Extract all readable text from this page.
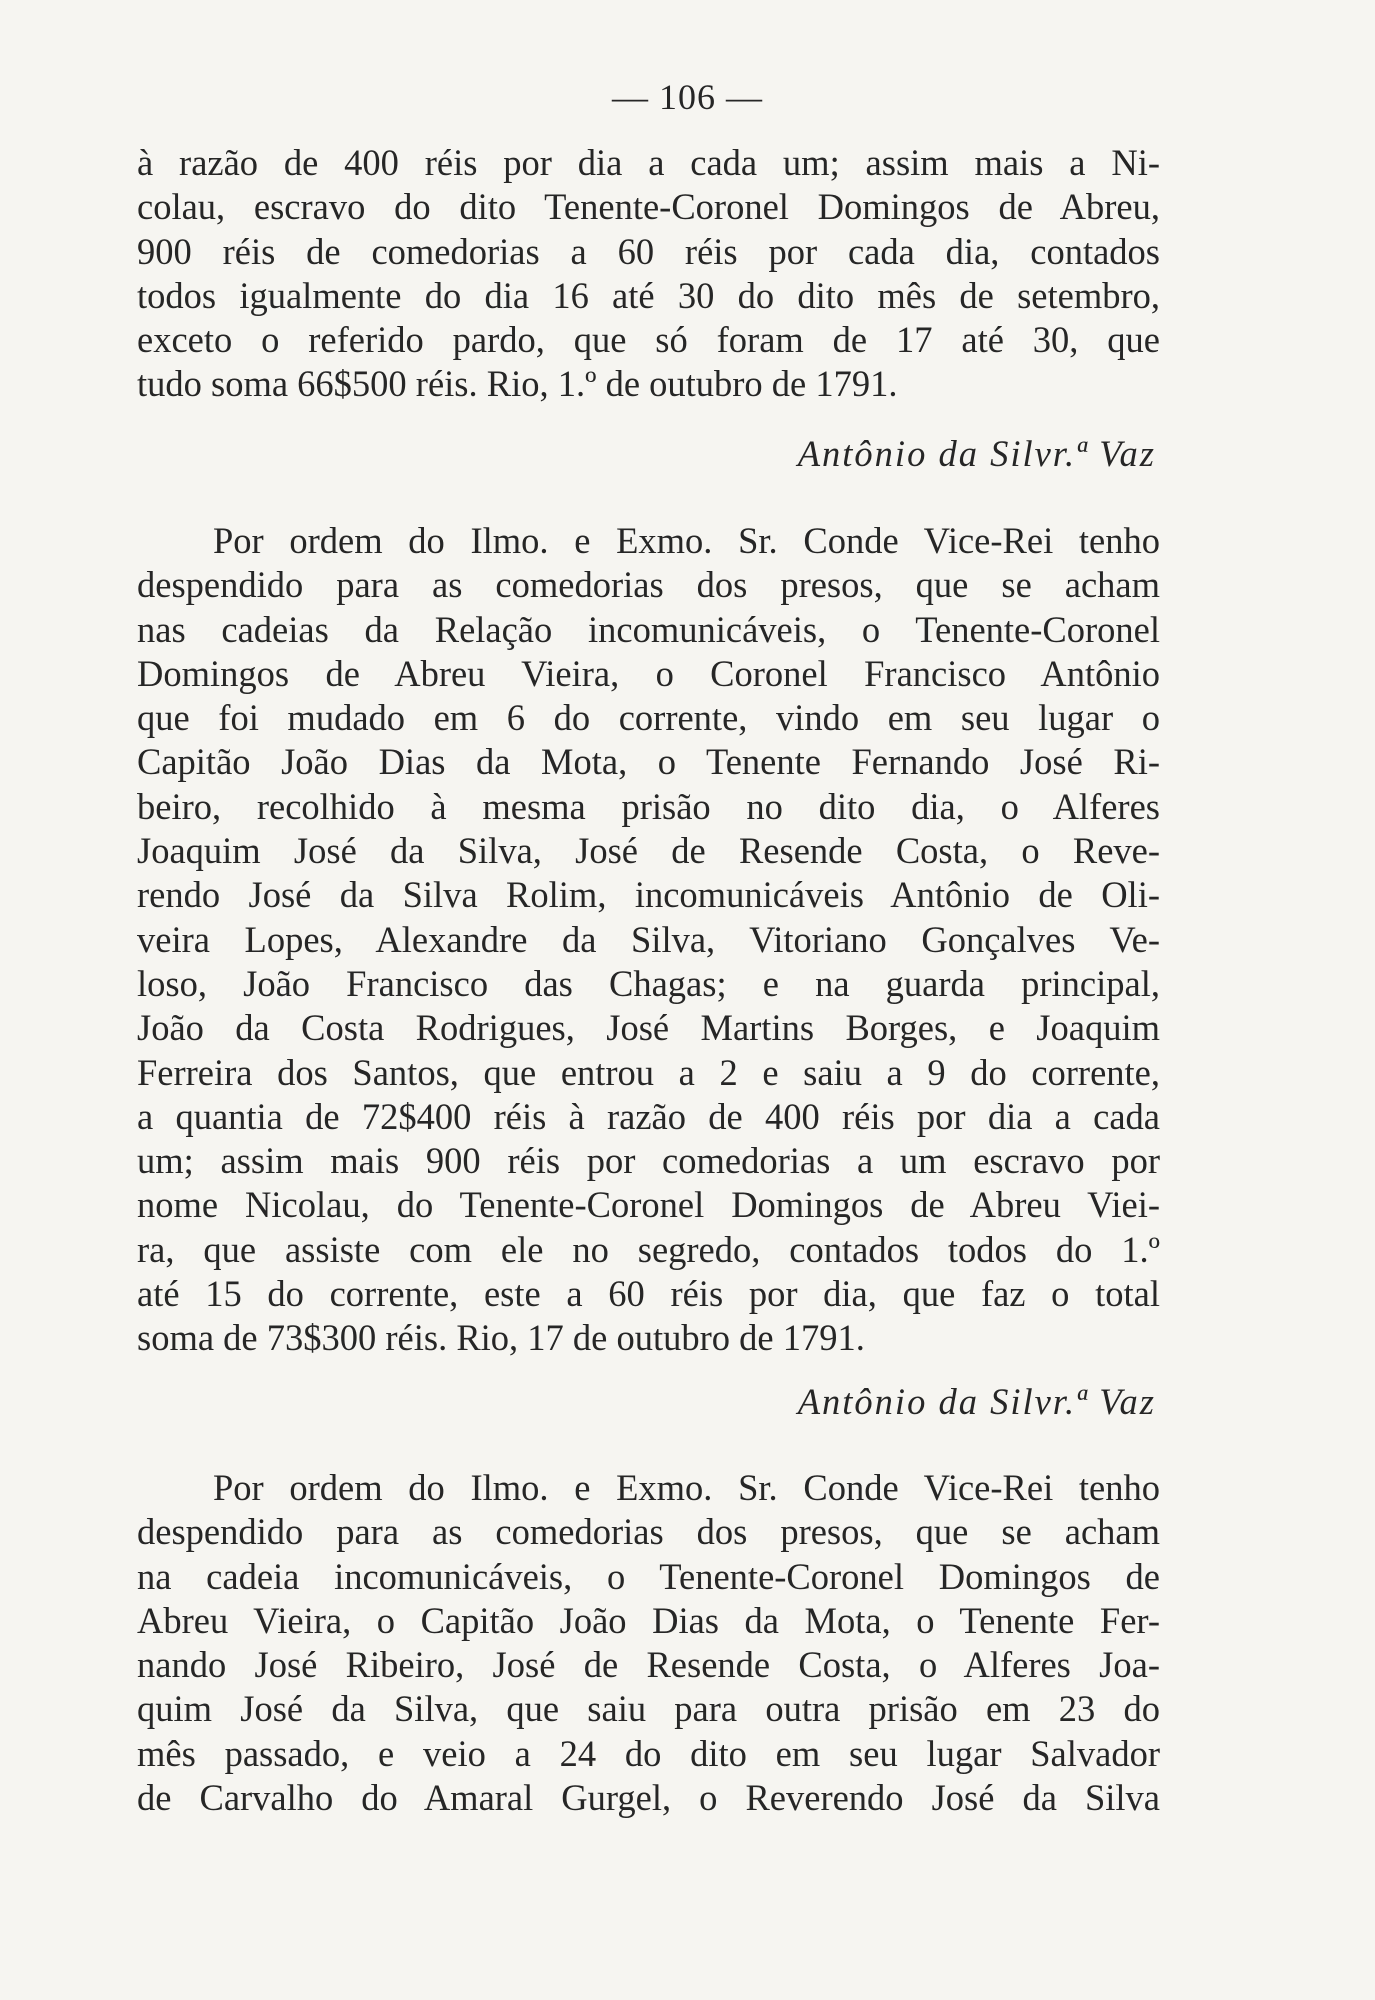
— 106 —
à razão de 400 réis por dia a cada um; assim mais a Ni-
colau, escravo do dito Tenente-Coronel Domingos de Abreu,
900 réis de comedorias a 60 réis por cada dia, contados
todos igualmente do dia 16 até 30 do dito mês de setembro,
exceto o referido pardo, que só foram de 17 até 30, que
tudo soma 66$500 réis. Rio, 1.º de outubro de 1791.
Antônio da Silvr.ª Vaz
Por ordem do Ilmo. e Exmo. Sr. Conde Vice-Rei tenho
despendido para as comedorias dos presos, que se acham
nas cadeias da Relação incomunicáveis, o Tenente-Coronel
Domingos de Abreu Vieira, o Coronel Francisco Antônio
que foi mudado em 6 do corrente, vindo em seu lugar o
Capitão João Dias da Mota, o Tenente Fernando José Ri-
beiro, recolhido à mesma prisão no dito dia, o Alferes
Joaquim José da Silva, José de Resende Costa, o Reve-
rendo José da Silva Rolim, incomunicáveis Antônio de Oli-
veira Lopes, Alexandre da Silva, Vitoriano Gonçalves Ve-
loso, João Francisco das Chagas; e na guarda principal,
João da Costa Rodrigues, José Martins Borges, e Joaquim
Ferreira dos Santos, que entrou a 2 e saiu a 9 do corrente,
a quantia de 72$400 réis à razão de 400 réis por dia a cada
um; assim mais 900 réis por comedorias a um escravo por
nome Nicolau, do Tenente-Coronel Domingos de Abreu Viei-
ra, que assiste com ele no segredo, contados todos do 1.º
até 15 do corrente, este a 60 réis por dia, que faz o total
soma de 73$300 réis. Rio, 17 de outubro de 1791.
Antônio da Silvr.ª Vaz
Por ordem do Ilmo. e Exmo. Sr. Conde Vice-Rei tenho
despendido para as comedorias dos presos, que se acham
na cadeia incomunicáveis, o Tenente-Coronel Domingos de
Abreu Vieira, o Capitão João Dias da Mota, o Tenente Fer-
nando José Ribeiro, José de Resende Costa, o Alferes Joa-
quim José da Silva, que saiu para outra prisão em 23 do
mês passado, e veio a 24 do dito em seu lugar Salvador
de Carvalho do Amaral Gurgel, o Reverendo José da Silva
